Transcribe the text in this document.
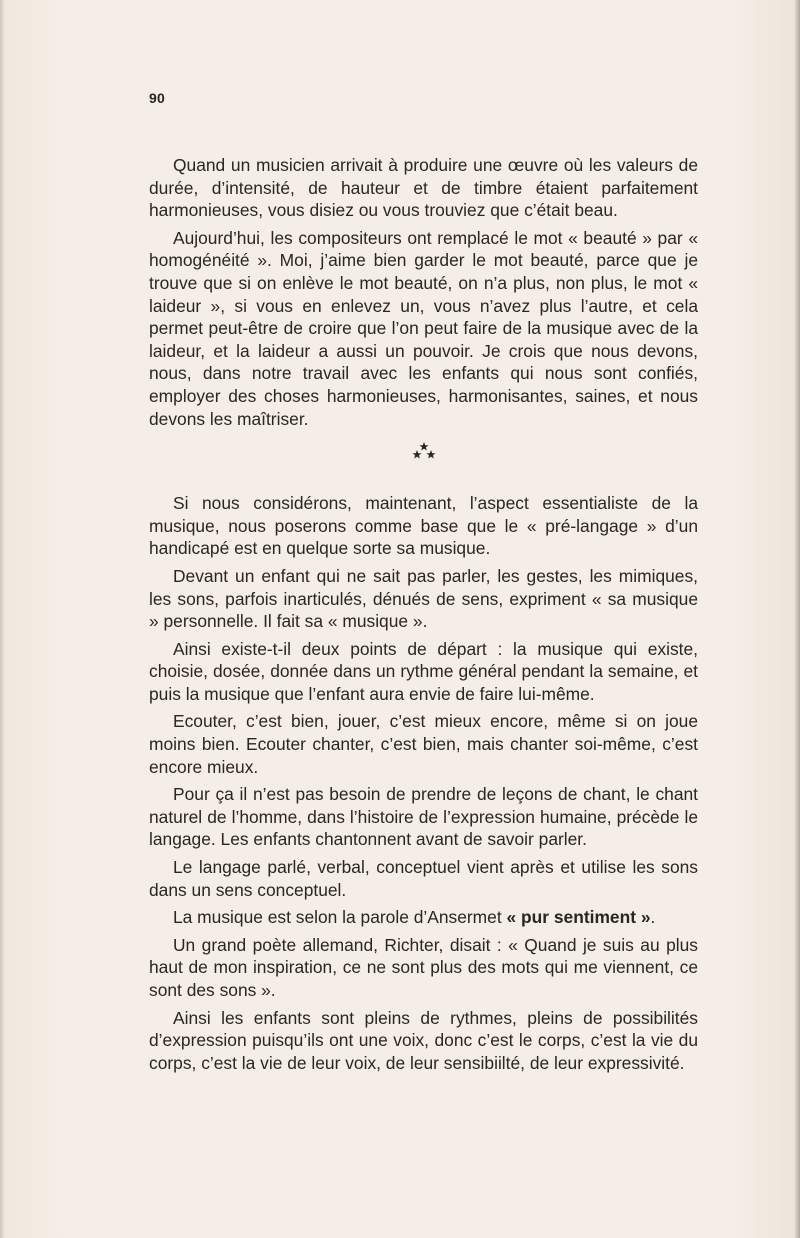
90

Quand un musicien arrivait à produire une œuvre où les valeurs de durée, d’intensité, de hauteur et de timbre étaient parfaitement harmonieuses, vous disiez ou vous trouviez que c’était beau.

Aujourd’hui, les compositeurs ont remplacé le mot « beauté » par « homogénéité ». Moi, j’aime bien garder le mot beauté, parce que je trouve que si on enlève le mot beauté, on n’a plus, non plus, le mot « laideur », si vous en enlevez un, vous n’avez plus l’autre, et cela permet peut-être de croire que l’on peut faire de la musique avec de la laideur, et la laideur a aussi un pouvoir. Je crois que nous devons, nous, dans notre travail avec les enfants qui nous sont confiés, employer des choses harmonieuses, harmonisantes, saines, et nous devons les maîtriser.

Si nous considérons, maintenant, l’aspect essentialiste de la musique, nous poserons comme base que le « pré-langage » d’un handicapé est en quelque sorte sa musique.

Devant un enfant qui ne sait pas parler, les gestes, les mimiques, les sons, parfois inarticulés, dénués de sens, expriment « sa musique » personnelle. Il fait sa « musique ».

Ainsi existe-t-il deux points de départ : la musique qui existe, choisie, dosée, donnée dans un rythme général pendant la semaine, et puis la musique que l’enfant aura envie de faire lui-même.

Ecouter, c’est bien, jouer, c’est mieux encore, même si on joue moins bien. Ecouter chanter, c’est bien, mais chanter soi-même, c’est encore mieux.

Pour ça il n’est pas besoin de prendre de leçons de chant, le chant naturel de l’homme, dans l’histoire de l’expression humaine, précède le langage. Les enfants chantonnent avant de savoir parler.

Le langage parlé, verbal, conceptuel vient après et utilise les sons dans un sens conceptuel.

La musique est selon la parole d’Ansermet « pur sentiment ».

Un grand poète allemand, Richter, disait : « Quand je suis au plus haut de mon inspiration, ce ne sont plus des mots qui me viennent, ce sont des sons ».

Ainsi les enfants sont pleins de rythmes, pleins de possibilités d’expression puisqu’ils ont une voix, donc c’est le corps, c’est la vie du corps, c’est la vie de leur voix, de leur sensibiilté, de leur expressivité.
